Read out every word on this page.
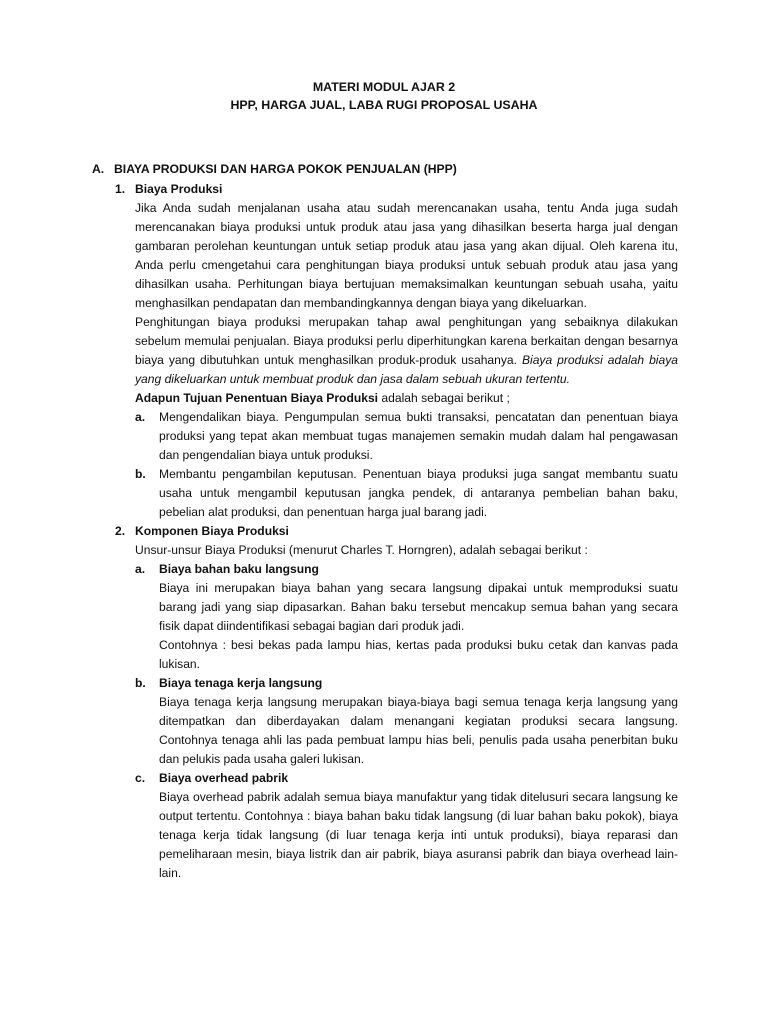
MATERI MODUL AJAR 2
HPP, HARGA JUAL, LABA RUGI PROPOSAL USAHA
A. BIAYA PRODUKSI DAN HARGA POKOK PENJUALAN (HPP)
1. Biaya Produksi

Jika Anda sudah menjalanan usaha atau sudah merencanakan usaha, tentu Anda juga sudah merencanakan biaya produksi untuk produk atau jasa yang dihasilkan beserta harga jual dengan gambaran perolehan keuntungan untuk setiap produk atau jasa yang akan dijual. Oleh karena itu, Anda perlu cmengetahui cara penghitungan biaya produksi untuk sebuah produk atau jasa yang dihasilkan usaha. Perhitungan biaya bertujuan memaksimalkan keuntungan sebuah usaha, yaitu menghasilkan pendapatan dan membandingkannya dengan biaya yang dikeluarkan.

Penghitungan biaya produksi merupakan tahap awal penghitungan yang sebaiknya dilakukan sebelum memulai penjualan. Biaya produksi perlu diperhitungkan karena berkaitan dengan besarnya biaya yang dibutuhkan untuk menghasilkan produk-produk usahanya. Biaya produksi adalah biaya yang dikeluarkan untuk membuat produk dan jasa dalam sebuah ukuran tertentu.

Adapun Tujuan Penentuan Biaya Produksi adalah sebagai berikut ;

a.	Mengendalikan biaya. Pengumpulan semua bukti transaksi, pencatatan dan penentuan biaya produksi yang tepat akan membuat tugas manajemen semakin mudah dalam hal pengawasan dan pengendalian biaya untuk produksi.
b.	Membantu pengambilan keputusan. Penentuan biaya produksi juga sangat membantu suatu usaha untuk mengambil keputusan jangka pendek, di antaranya pembelian bahan baku, pebelian alat produksi, dan penentuan harga jual barang jadi.
2. Komponen Biaya Produksi

Unsur-unsur Biaya Produksi (menurut Charles T. Horngren), adalah sebagai berikut :

a.	Biaya bahan baku langsung

Biaya ini merupakan biaya bahan yang secara langsung dipakai untuk memproduksi suatu barang jadi yang siap dipasarkan. Bahan baku tersebut mencakup semua bahan yang secara fisik dapat diindentifikasi sebagai bagian dari produk jadi.

Contohnya : besi bekas pada lampu hias, kertas pada produksi buku cetak dan kanvas pada lukisan.

b.	Biaya tenaga kerja langsung

Biaya tenaga kerja langsung merupakan biaya-biaya bagi semua tenaga kerja langsung yang ditempatkan dan diberdayakan dalam menangani kegiatan produksi secara langsung. Contohnya tenaga ahli las pada pembuat lampu hias beli, penulis pada usaha penerbitan buku dan pelukis pada usaha galeri lukisan.

c.	Biaya overhead pabrik

Biaya overhead pabrik adalah semua biaya manufaktur yang tidak ditelusuri secara langsung ke output tertentu. Contohnya : biaya bahan baku tidak langsung (di luar bahan baku pokok), biaya tenaga kerja tidak langsung (di luar tenaga kerja inti untuk produksi), biaya reparasi dan pemeliharaan mesin, biaya listrik dan air pabrik, biaya asuransi pabrik dan biaya overhead lain-lain.
